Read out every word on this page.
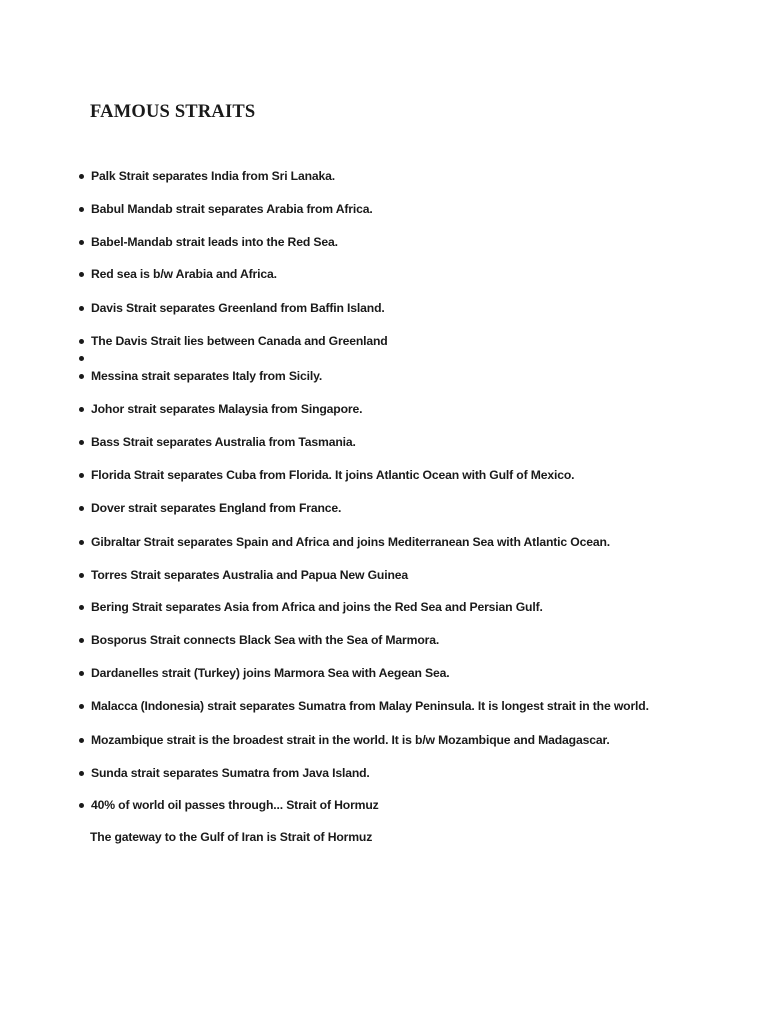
FAMOUS STRAITS
Palk Strait separates India from Sri Lanaka.
Babul Mandab strait separates Arabia from Africa.
Babel-Mandab strait leads into the Red Sea.
Red sea is b/w Arabia and Africa.
Davis Strait separates Greenland from Baffin Island.
The Davis Strait lies between Canada and Greenland
Messina strait separates Italy from Sicily.
Johor strait separates Malaysia from Singapore.
Bass Strait separates Australia from Tasmania.
Florida Strait separates Cuba from Florida. It joins Atlantic Ocean with Gulf of Mexico.
Dover strait separates England from France.
Gibraltar Strait separates Spain and Africa and joins Mediterranean Sea with Atlantic Ocean.
Torres Strait separates Australia and Papua New Guinea
Bering Strait separates Asia from Africa and joins the Red Sea and Persian Gulf.
Bosporus Strait connects Black Sea with the Sea of Marmora.
Dardanelles strait (Turkey) joins Marmora Sea with Aegean Sea.
Malacca (Indonesia) strait separates Sumatra from Malay Peninsula. It is longest strait in the world.
Mozambique strait is the broadest strait in the world. It is b/w Mozambique and Madagascar.
Sunda strait separates Sumatra from Java Island.
40% of world oil passes through... Strait of Hormuz

The gateway to the Gulf of Iran is Strait of Hormuz
